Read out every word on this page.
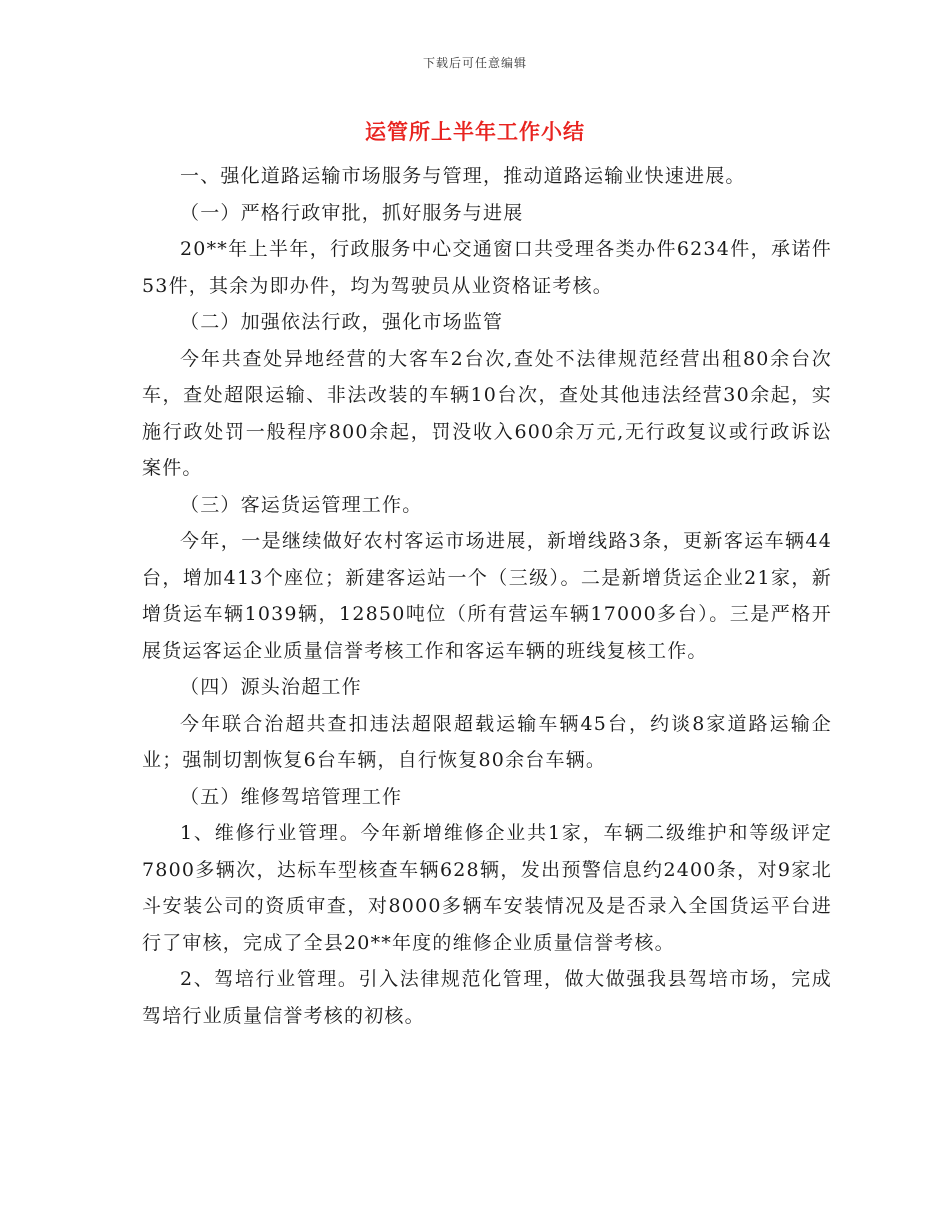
下载后可任意编辑
运管所上半年工作小结

一、强化道路运输市场服务与管理，推动道路运输业快速进展。

（一）严格行政审批，抓好服务与进展

20**年上半年，行政服务中心交通窗口共受理各类办件6234件，承诺件53件，其余为即办件，均为驾驶员从业资格证考核。

（二）加强依法行政，强化市场监管

今年共查处异地经营的大客车2台次,查处不法律规范经营出租80余台次车，查处超限运输、非法改装的车辆10台次，查处其他违法经营30余起，实施行政处罚一般程序800余起，罚没收入600余万元,无行政复议或行政诉讼案件。

（三）客运货运管理工作。

今年，一是继续做好农村客运市场进展，新增线路3条，更新客运车辆44台，增加413个座位；新建客运站一个（三级）。二是新增货运企业21家，新增货运车辆1039辆，12850吨位（所有营运车辆17000多台）。三是严格开展货运客运企业质量信誉考核工作和客运车辆的班线复核工作。

（四）源头治超工作

今年联合治超共查扣违法超限超载运输车辆45台，约谈8家道路运输企业；强制切割恢复6台车辆，自行恢复80余台车辆。

（五）维修驾培管理工作

1、维修行业管理。今年新增维修企业共1家，车辆二级维护和等级评定7800多辆次，达标车型核查车辆628辆，发出预警信息约2400条，对9家北斗安装公司的资质审查，对8000多辆车安装情况及是否录入全国货运平台进行了审核，完成了全县20**年度的维修企业质量信誉考核。

2、驾培行业管理。引入法律规范化管理，做大做强我县驾培市场，完成驾培行业质量信誉考核的初核。
